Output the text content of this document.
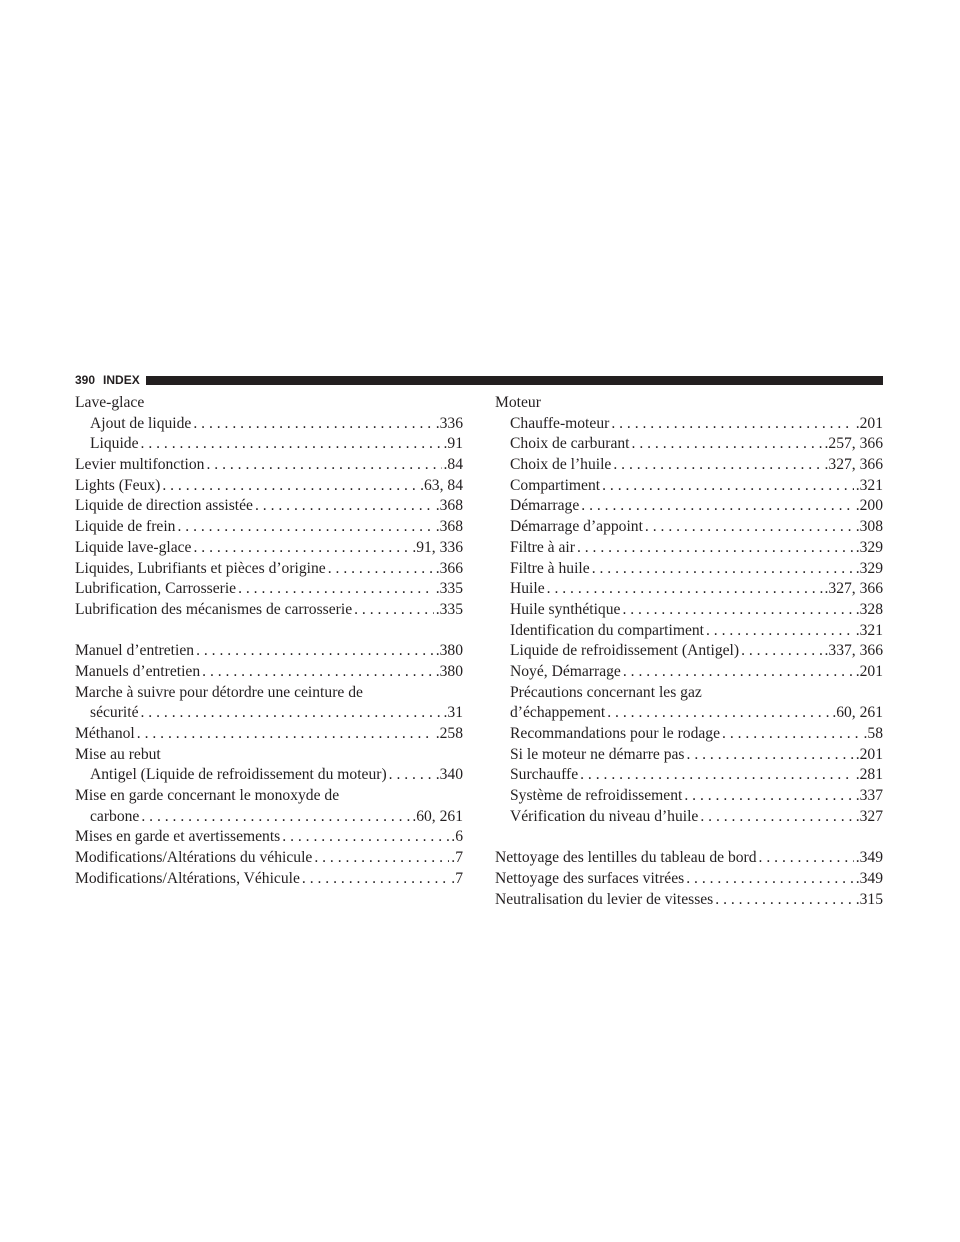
390 INDEX
Lave-glace
Ajout de liquide . . .	.336
Liquide . . .	.91
Levier multifonction . . .	.84
Lights (Feux) . . .	.63, 84
Liquide de direction assistée . . .	.368
Liquide de frein . . .	.368
Liquide lave-glace . . .	.91, 336
Liquides, Lubrifiants et pièces d’origine . . .	.366
Lubrification, Carrosserie . . .	.335
Lubrification des mécanismes de carrosserie . . .	.335
Manuel d’entretien . . .	.380
Manuels d’entretien . . .	.380
Marche à suivre pour détordre une ceinture de
sécurité . . .	.31
Méthanol . . .	.258
Mise au rebut
Antigel (Liquide de refroidissement du moteur) . . .	.340
Mise en garde concernant le monoxyde de
carbone . . .	.60, 261
Mises en garde et avertissements . . .	.6
Modifications/Altérations du véhicule . . .	.7
Modifications/Altérations, Véhicule . . .	.7
Moteur
Chauffe-moteur . . .	.201
Choix de carburant . . .	.257, 366
Choix de l’huile . . .	.327, 366
Compartiment . . .	.321
Démarrage . . .	.200
Démarrage d’appoint . . .	.308
Filtre à air . . .	.329
Filtre à huile . . .	.329
Huile . . .	.327, 366
Huile synthétique . . .	.328
Identification du compartiment . . .	.321
Liquide de refroidissement (Antigel) . . .	.337, 366
Noyé, Démarrage . . .	.201
Précautions concernant les gaz
d’échappement . . .	.60, 261
Recommandations pour le rodage . . .	.58
Si le moteur ne démarre pas . . .	.201
Surchauffe . . .	.281
Système de refroidissement . . .	.337
Vérification du niveau d’huile . . .	.327
Nettoyage des lentilles du tableau de bord . . .	.349
Nettoyage des surfaces vitrées . . .	.349
Neutralisation du levier de vitesses . . .	.315
